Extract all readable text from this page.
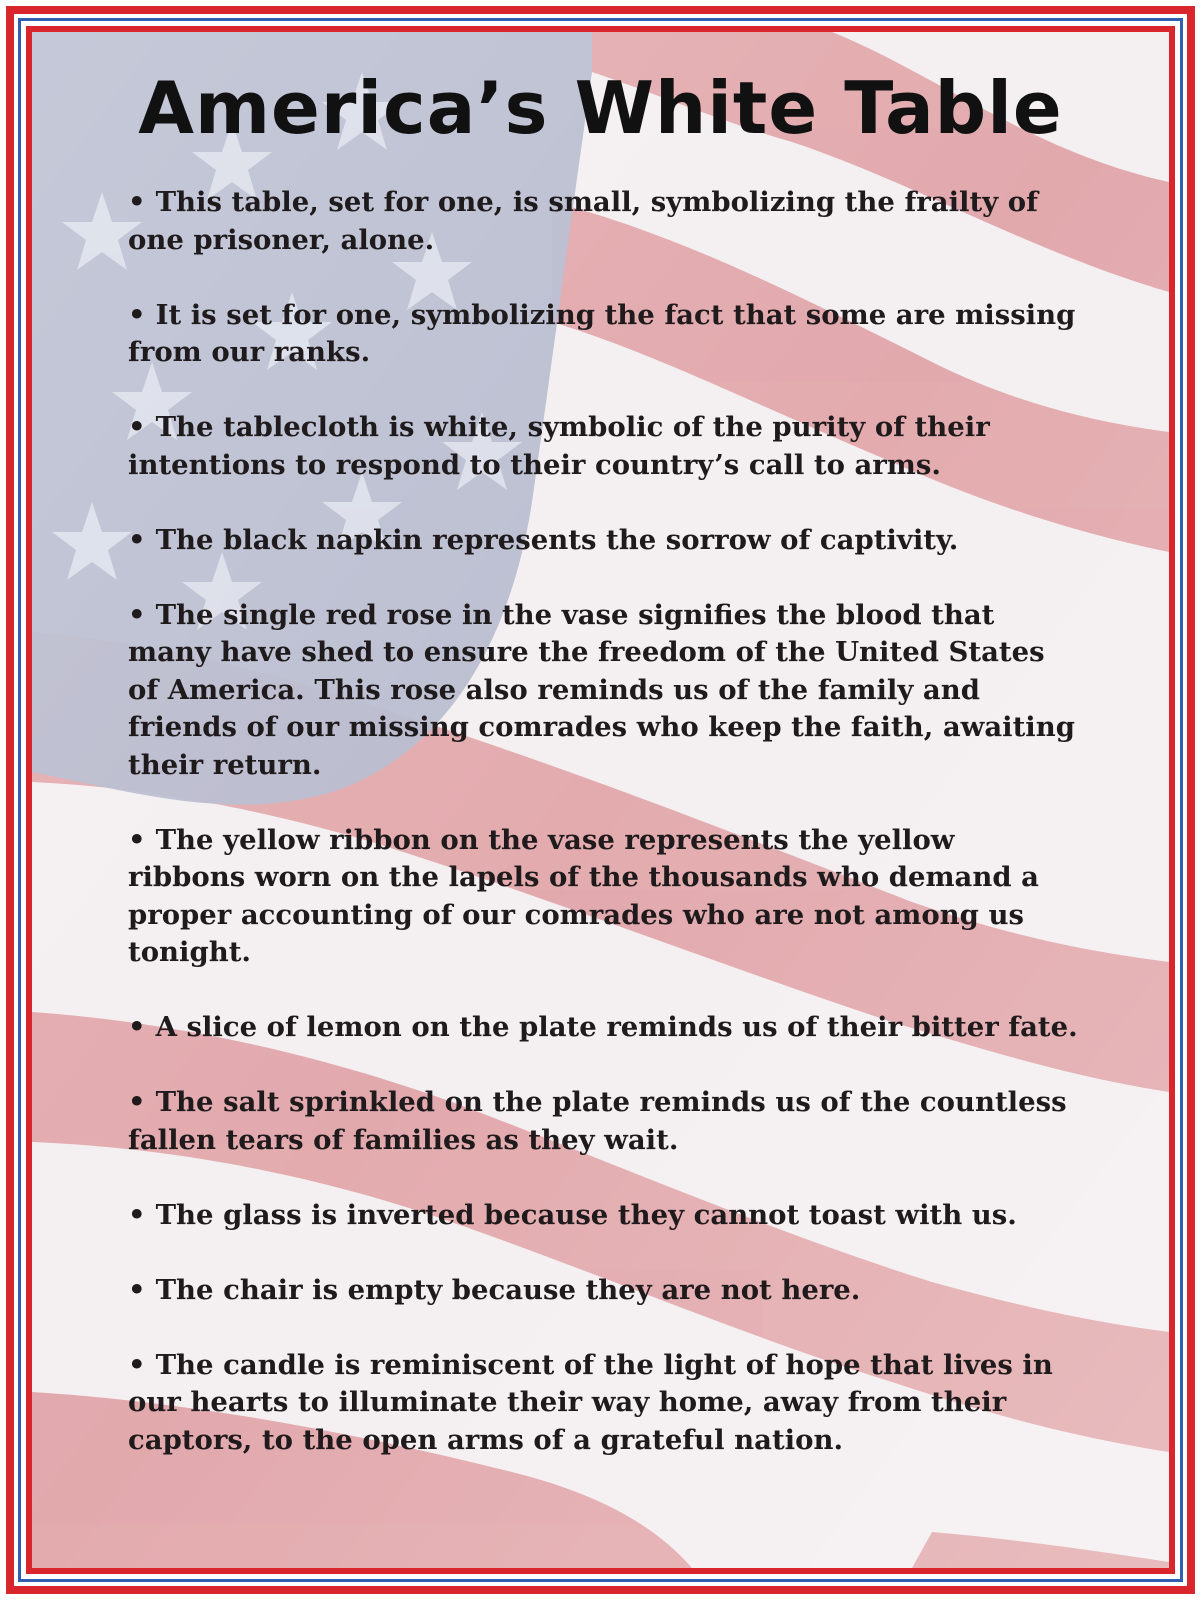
America’s White Table
• This table, set for one, is small, symbolizing the frailty of one prisoner, alone.
• It is set for one, symbolizing the fact that some are missing from our ranks.
• The tablecloth is white, symbolic of the purity of their intentions to respond to their country’s call to arms.
• The black napkin represents the sorrow of captivity.
• The single red rose in the vase signifies the blood that many have shed to ensure the freedom of the United States of America. This rose also reminds us of the family and friends of our missing comrades who keep the faith, awaiting their return.
• The yellow ribbon on the vase represents the yellow ribbons worn on the lapels of the thousands who demand a proper accounting of our comrades who are not among us tonight.
• A slice of lemon on the plate reminds us of their bitter fate.
• The salt sprinkled on the plate reminds us of the countless fallen tears of families as they wait.
• The glass is inverted because they cannot toast with us.
• The chair is empty because they are not here.
• The candle is reminiscent of the light of hope that lives in our hearts to illuminate their way home, away from their captors, to the open arms of a grateful nation.
